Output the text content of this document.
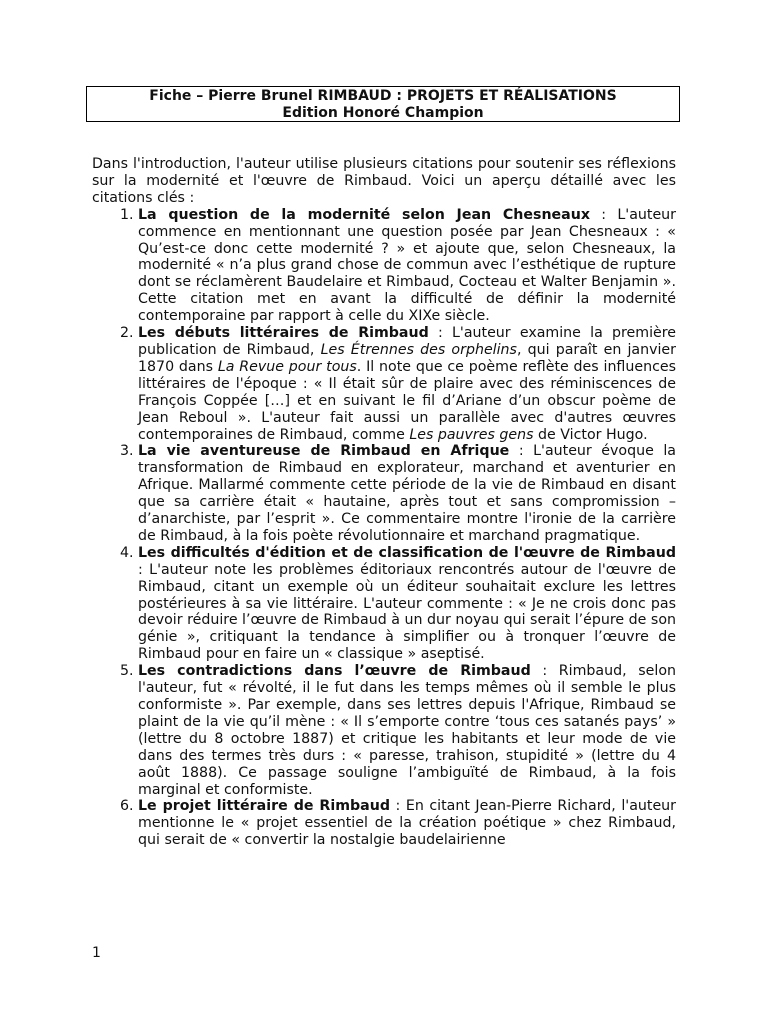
Fiche – Pierre Brunel RIMBAUD : PROJETS ET RÉALISATIONS
Edition Honoré Champion

Dans l'introduction, l'auteur utilise plusieurs citations pour soutenir ses réflexions sur la modernité et l'œuvre de Rimbaud. Voici un aperçu détaillé avec les citations clés :

1. La question de la modernité selon Jean Chesneaux : L'auteur commence en mentionnant une question posée par Jean Chesneaux : « Qu’est-ce donc cette modernité ? » et ajoute que, selon Chesneaux, la modernité « n’a plus grand chose de commun avec l’esthétique de rupture dont se réclamèrent Baudelaire et Rimbaud, Cocteau et Walter Benjamin ». Cette citation met en avant la difficulté de définir la modernité contemporaine par rapport à celle du XIXe siècle.
2. Les débuts littéraires de Rimbaud : L'auteur examine la première publication de Rimbaud, Les Étrennes des orphelins, qui paraît en janvier 1870 dans La Revue pour tous. Il note que ce poème reflète des influences littéraires de l'époque : « Il était sûr de plaire avec des réminiscences de François Coppée […] et en suivant le fil d’Ariane d’un obscur poème de Jean Reboul ». L'auteur fait aussi un parallèle avec d'autres œuvres contemporaines de Rimbaud, comme Les pauvres gens de Victor Hugo.
3. La vie aventureuse de Rimbaud en Afrique : L'auteur évoque la transformation de Rimbaud en explorateur, marchand et aventurier en Afrique. Mallarmé commente cette période de la vie de Rimbaud en disant que sa carrière était « hautaine, après tout et sans compromission – d’anarchiste, par l’esprit ». Ce commentaire montre l'ironie de la carrière de Rimbaud, à la fois poète révolutionnaire et marchand pragmatique.
4. Les difficultés d'édition et de classification de l'œuvre de Rimbaud : L'auteur note les problèmes éditoriaux rencontrés autour de l'œuvre de Rimbaud, citant un exemple où un éditeur souhaitait exclure les lettres postérieures à sa vie littéraire. L'auteur commente : « Je ne crois donc pas devoir réduire l’œuvre de Rimbaud à un dur noyau qui serait l’épure de son génie », critiquant la tendance à simplifier ou à tronquer l’œuvre de Rimbaud pour en faire un « classique » aseptisé.
5. Les contradictions dans l’œuvre de Rimbaud : Rimbaud, selon l'auteur, fut « révolté, il le fut dans les temps mêmes où il semble le plus conformiste ». Par exemple, dans ses lettres depuis l'Afrique, Rimbaud se plaint de la vie qu’il mène : « Il s’emporte contre ‘tous ces satanés pays’ » (lettre du 8 octobre 1887) et critique les habitants et leur mode de vie dans des termes très durs : « paresse, trahison, stupidité » (lettre du 4 août 1888). Ce passage souligne l’ambiguïté de Rimbaud, à la fois marginal et conformiste.
6. Le projet littéraire de Rimbaud : En citant Jean-Pierre Richard, l'auteur mentionne le « projet essentiel de la création poétique » chez Rimbaud, qui serait de « convertir la nostalgie baudelairienne
1
